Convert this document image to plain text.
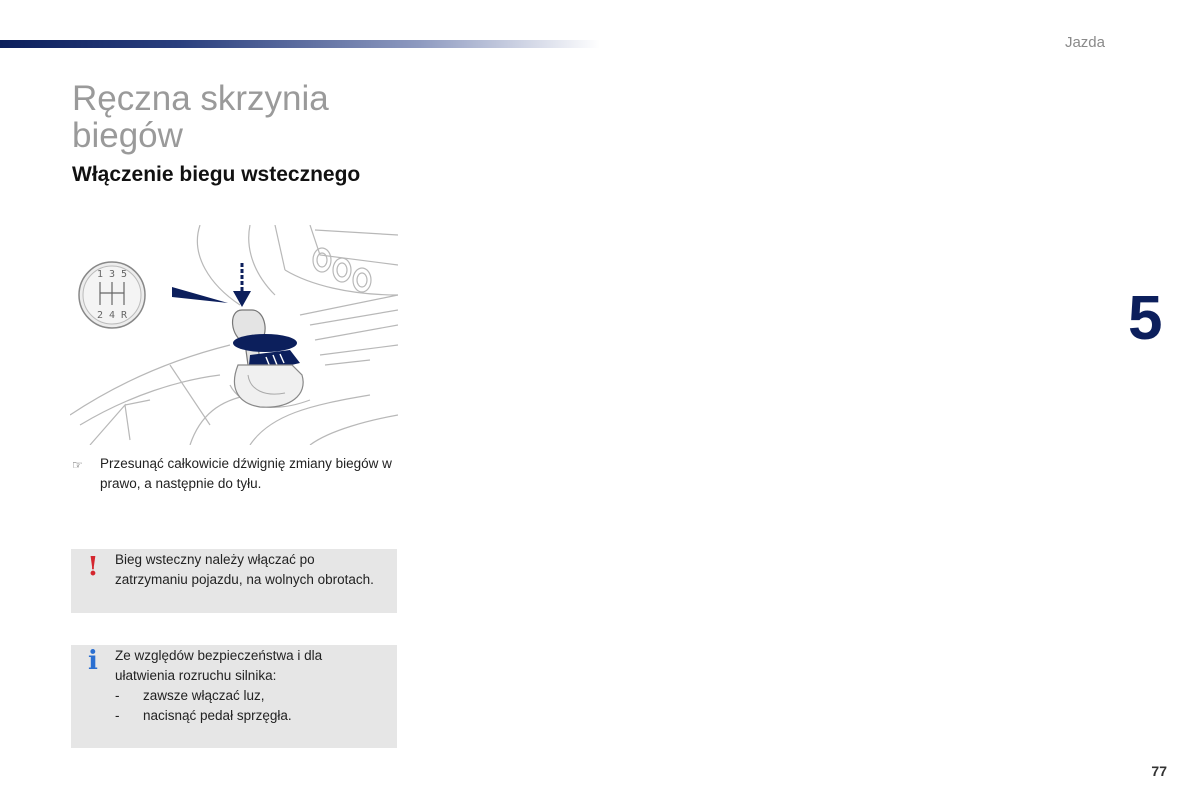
Jazda
Ręczna skrzynia biegów
Włączenie biegu wstecznego
1 3 5
2 4 R
☞ Przesunąć całkowicie dźwignię zmiany biegów w prawo, a następnie do tyłu.
!	Bieg wsteczny należy włączać po zatrzymaniu pojazdu, na wolnych obrotach.

i	Ze względów bezpieczeństwa i dla ułatwienia rozruchu silnika:

- zawsze włączać luz,
- nacisnąć pedał sprzęgła.
5
77
